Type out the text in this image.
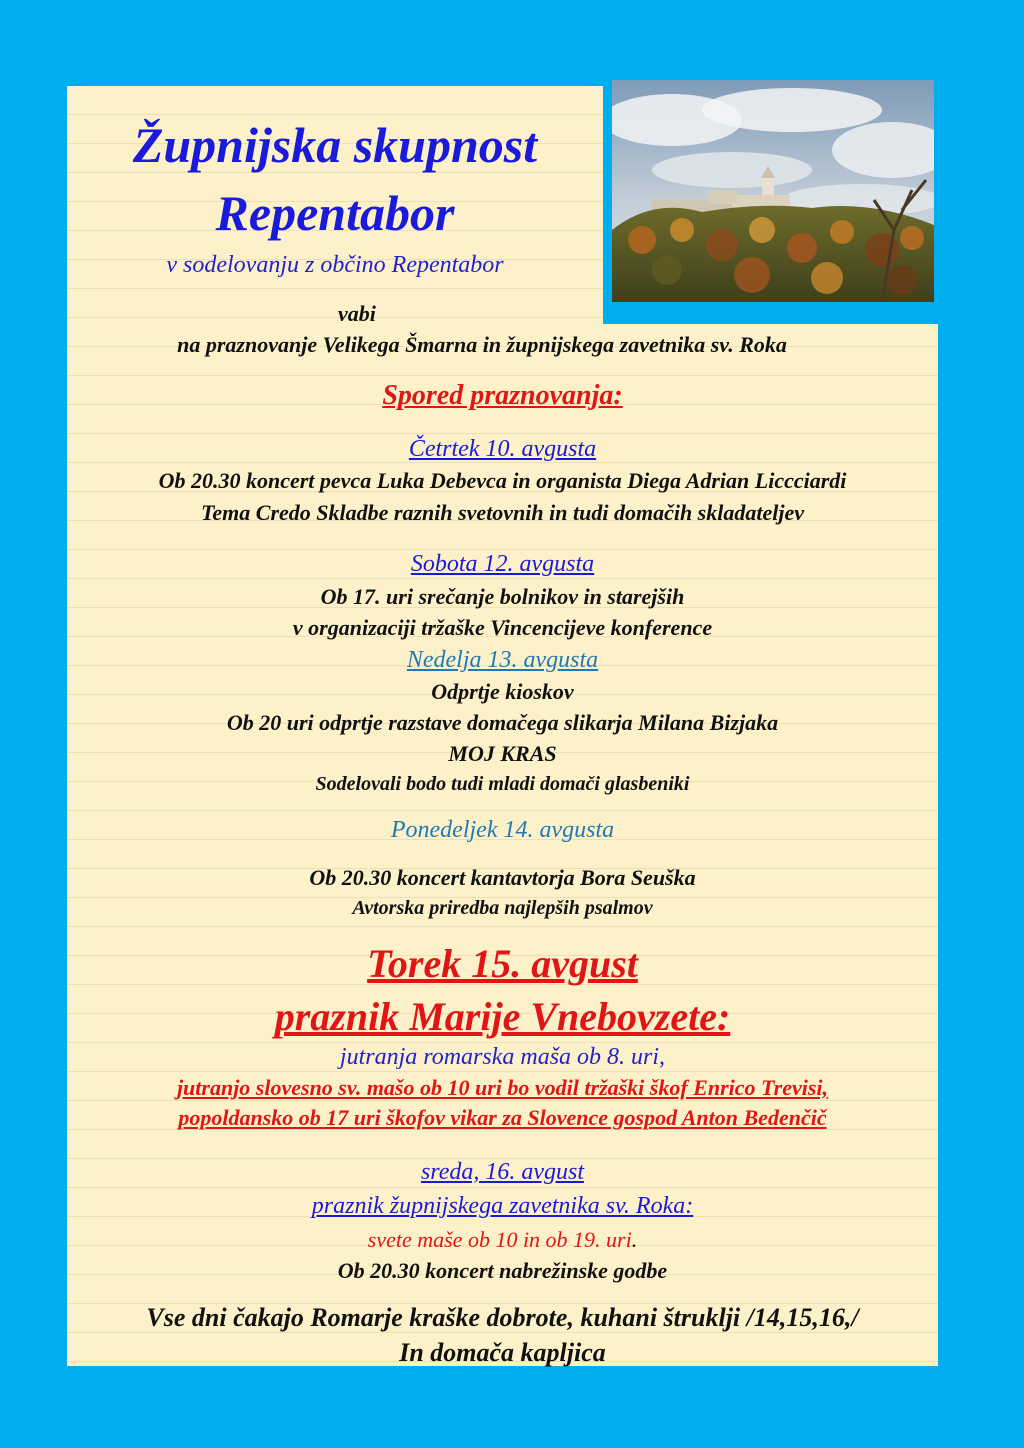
Župnijska skupnost
Repentabor
v sodelovanju z občino Repentabor
vabi
na praznovanje Velikega Šmarna in župnijskega zavetnika sv. Roka
Spored praznovanja:
Četrtek 10. avgusta
Ob 20.30 koncert pevca Luka Debevca in organista Diega Adrian Liccciardi
Tema Credo Skladbe raznih svetovnih in tudi domačih skladateljev
Sobota 12. avgusta
Ob 17. uri srečanje bolnikov in starejših
v organizaciji tržaške Vincencijeve konference
Nedelja 13. avgusta
Odprtje kioskov
Ob 20 uri odprtje razstave domačega slikarja Milana Bizjaka
MOJ KRAS
Sodelovali bodo tudi mladi domači glasbeniki
Ponedeljek 14. avgusta
Ob 20.30 koncert kantavtorja Bora Seuška
Avtorska priredba najlepših psalmov
Torek 15. avgust
praznik Marije Vnebovzete:
jutranja romarska maša ob 8. uri,
jutranjo slovesno sv. mašo ob 10 uri bo vodil tržaški škof Enrico Trevisi,
popoldansko ob 17 uri škofov vikar za Slovence gospod Anton Bedenčič
sreda, 16. avgust
praznik župnijskega zavetnika sv. Roka:
svete maše ob 10 in ob 19. uri.
Ob 20.30 koncert nabrežinske godbe
Vse dni čakajo Romarje kraške dobrote, kuhani štruklji /14,15,16,/
In domača kapljica
